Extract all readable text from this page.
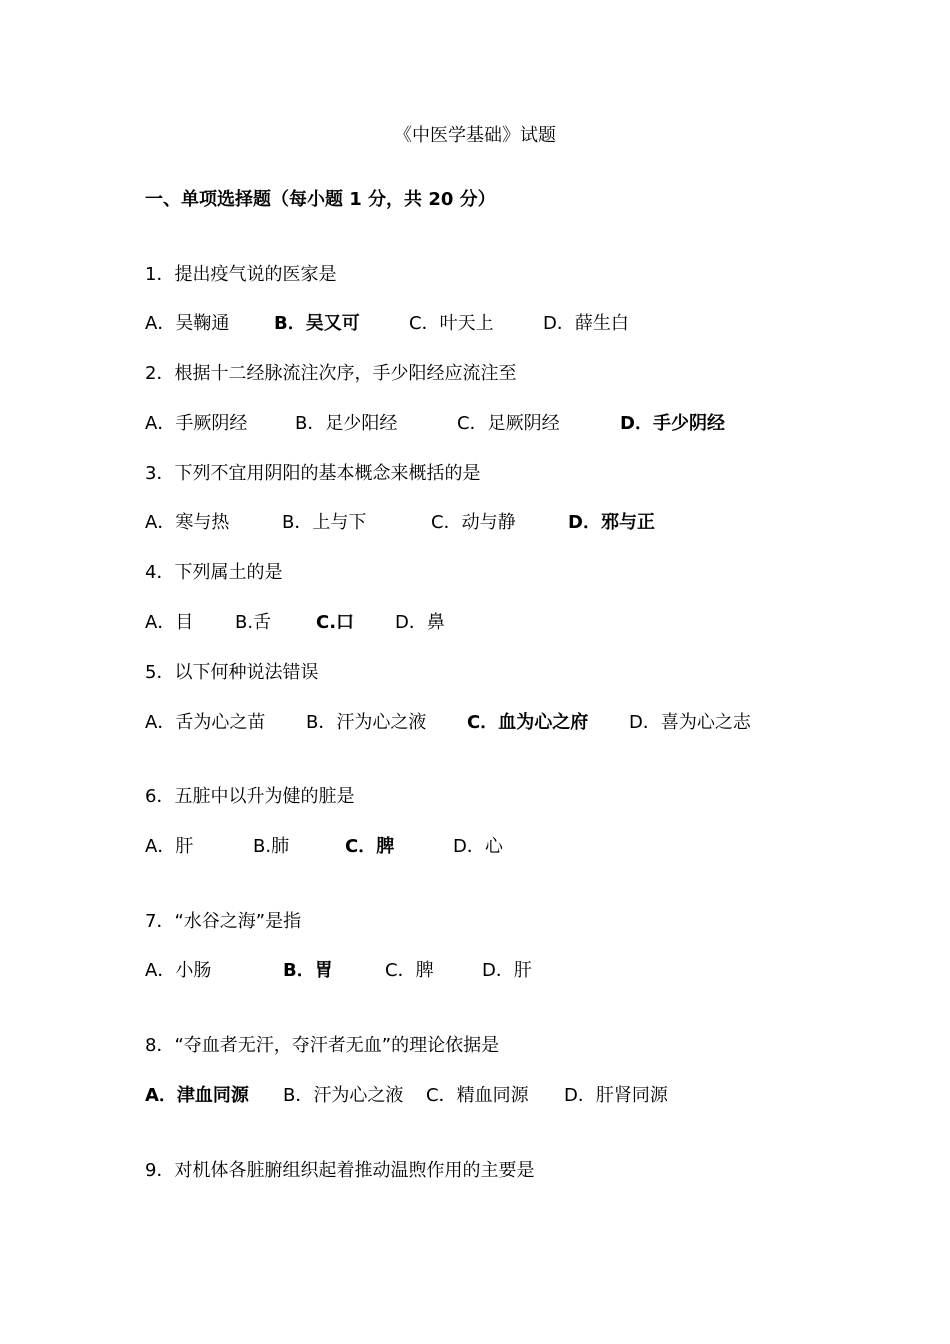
《中医学基础》试题
一、单项选择题（每小题 1 分，共 20 分）
1．提出疫气说的医家是
A．吴鞠通 B．吴又可	C．叶天上	D．薛生白
2．根据十二经脉流注次序，手少阳经应流注至
A．手厥阴经	B．足少阳经	C．足厥阴经	D．手少阴经
3．下列不宜用阴阳的基本概念来概括的是
A．寒与热	B．上与下	C．动与静	D．邪与正
4．下列属土的是
A．目 B.舌 C.口 D．鼻
5．以下何种说法错误
A．舌为心之苗 B．汗为心之液 C．血为心之府 D．喜为心之志
6．五脏中以升为健的脏是
A．肝	B.肺	C．脾	D．心
7．“水谷之海”是指
A．小肠	B．胃	C．脾	D．肝
8．“夺血者无汗，夺汗者无血”的理论依据是
A．津血同源 B．汗为心之液 C．精血同源 D．肝肾同源
9．对机体各脏腑组织起着推动温煦作用的主要是
